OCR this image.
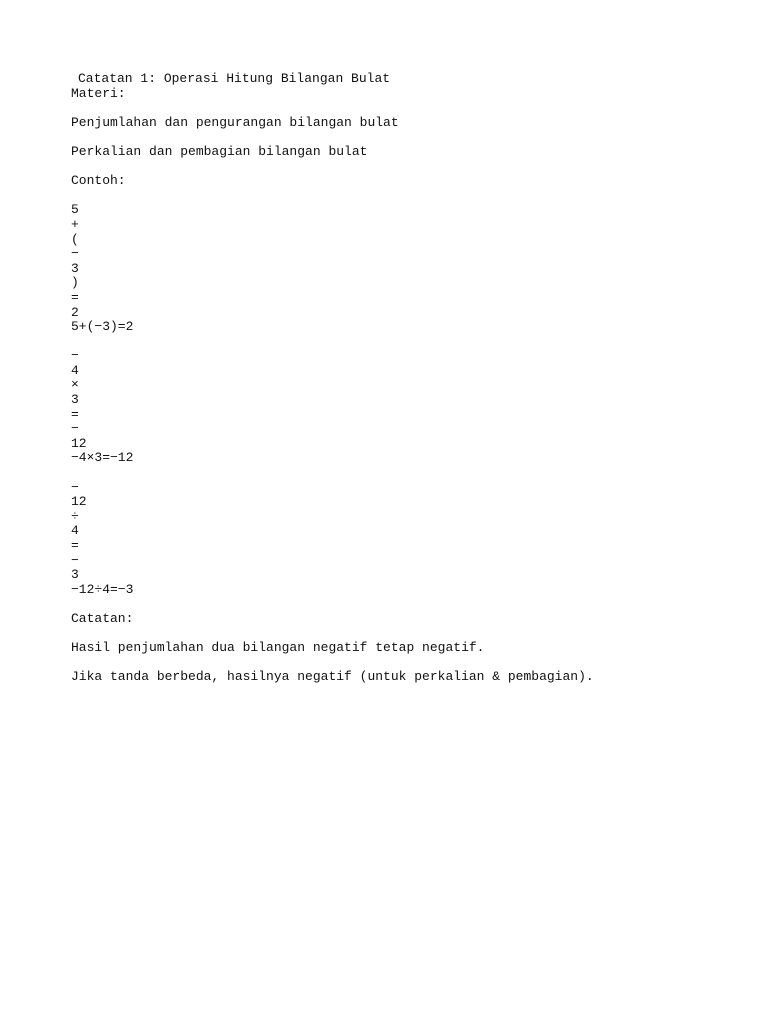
Catatan 1: Operasi Hitung Bilangan Bulat
Materi:
Penjumlahan dan pengurangan bilangan bulat
Perkalian dan pembagian bilangan bulat
Contoh:
5
+
(
−
3
)
=
2
5+(−3)=2
−
4
×
3
=
−
12
−4×3=−12
−
12
÷
4
=
−
3
−12÷4=−3
Catatan:
Hasil penjumlahan dua bilangan negatif tetap negatif.
Jika tanda berbeda, hasilnya negatif (untuk perkalian & pembagian).
